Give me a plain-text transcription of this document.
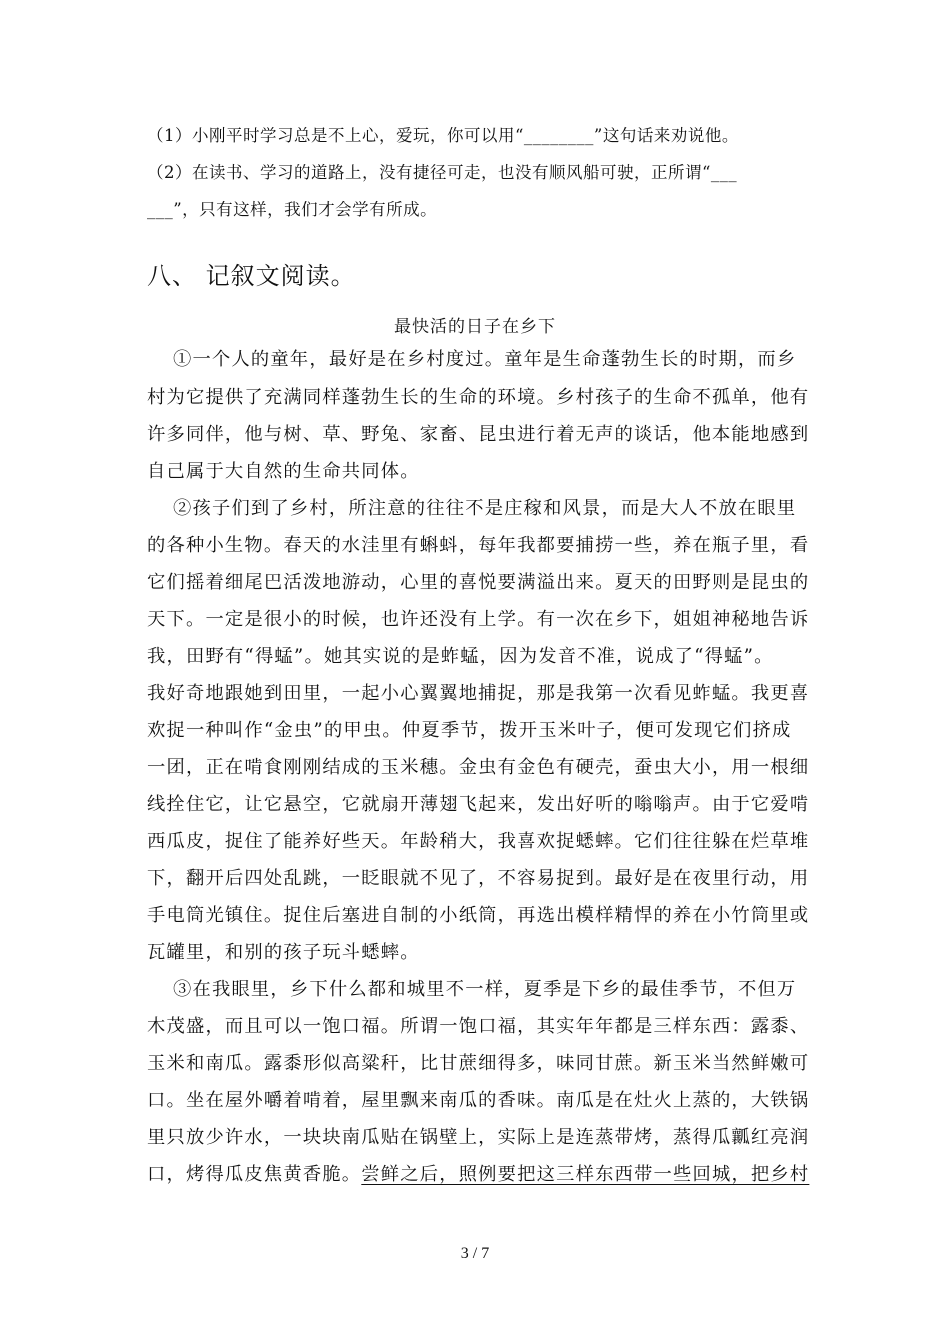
（1）小刚平时学习总是不上心，爱玩，你可以用“________”这句话来劝说他。
（2）在读书、学习的道路上，没有捷径可走，也没有顺风船可驶，正所谓“___
___”，只有这样，我们才会学有所成。
八、 记叙文阅读。
最快活的日子在乡下
①一个人的童年，最好是在乡村度过。童年是生命蓬勃生长的时期，而乡
村为它提供了充满同样蓬勃生长的生命的环境。乡村孩子的生命不孤单，他有
许多同伴，他与树、草、野兔、家畜、昆虫进行着无声的谈话，他本能地感到
自己属于大自然的生命共同体。
②孩子们到了乡村，所注意的往往不是庄稼和风景，而是大人不放在眼里
的各种小生物。春天的水洼里有蝌蚪，每年我都要捕捞一些，养在瓶子里，看
它们摇着细尾巴活泼地游动，心里的喜悦要满溢出来。夏天的田野则是昆虫的
天下。一定是很小的时候，也许还没有上学。有一次在乡下，姐姐神秘地告诉
我，田野有“得蜢”。她其实说的是蚱蜢，因为发音不准，说成了“得蜢”。
我好奇地跟她到田里，一起小心翼翼地捕捉，那是我第一次看见蚱蜢。我更喜
欢捉一种叫作“金虫”的甲虫。仲夏季节，拨开玉米叶子，便可发现它们挤成
一团，正在啃食刚刚结成的玉米穗。金虫有金色有硬壳，蚕虫大小，用一根细
线拴住它，让它悬空，它就扇开薄翅飞起来，发出好听的嗡嗡声。由于它爱啃
西瓜皮，捉住了能养好些天。年龄稍大，我喜欢捉蟋蟀。它们往往躲在烂草堆
下，翻开后四处乱跳，一眨眼就不见了，不容易捉到。最好是在夜里行动，用
手电筒光镇住。捉住后塞进自制的小纸筒，再选出模样精悍的养在小竹筒里或
瓦罐里，和别的孩子玩斗蟋蟀。
③在我眼里，乡下什么都和城里不一样，夏季是下乡的最佳季节，不但万
木茂盛，而且可以一饱口福。所谓一饱口福，其实年年都是三样东西：露黍、
玉米和南瓜。露黍形似高粱秆，比甘蔗细得多，味同甘蔗。新玉米当然鲜嫩可
口。坐在屋外嚼着啃着，屋里飘来南瓜的香味。南瓜是在灶火上蒸的，大铁锅
里只放少许水，一块块南瓜贴在锅壁上，实际上是连蒸带烤，蒸得瓜瓤红亮润
口，烤得瓜皮焦黄香脆。尝鲜之后，照例要把这三样东西带一些回城，把乡村
3 / 7
